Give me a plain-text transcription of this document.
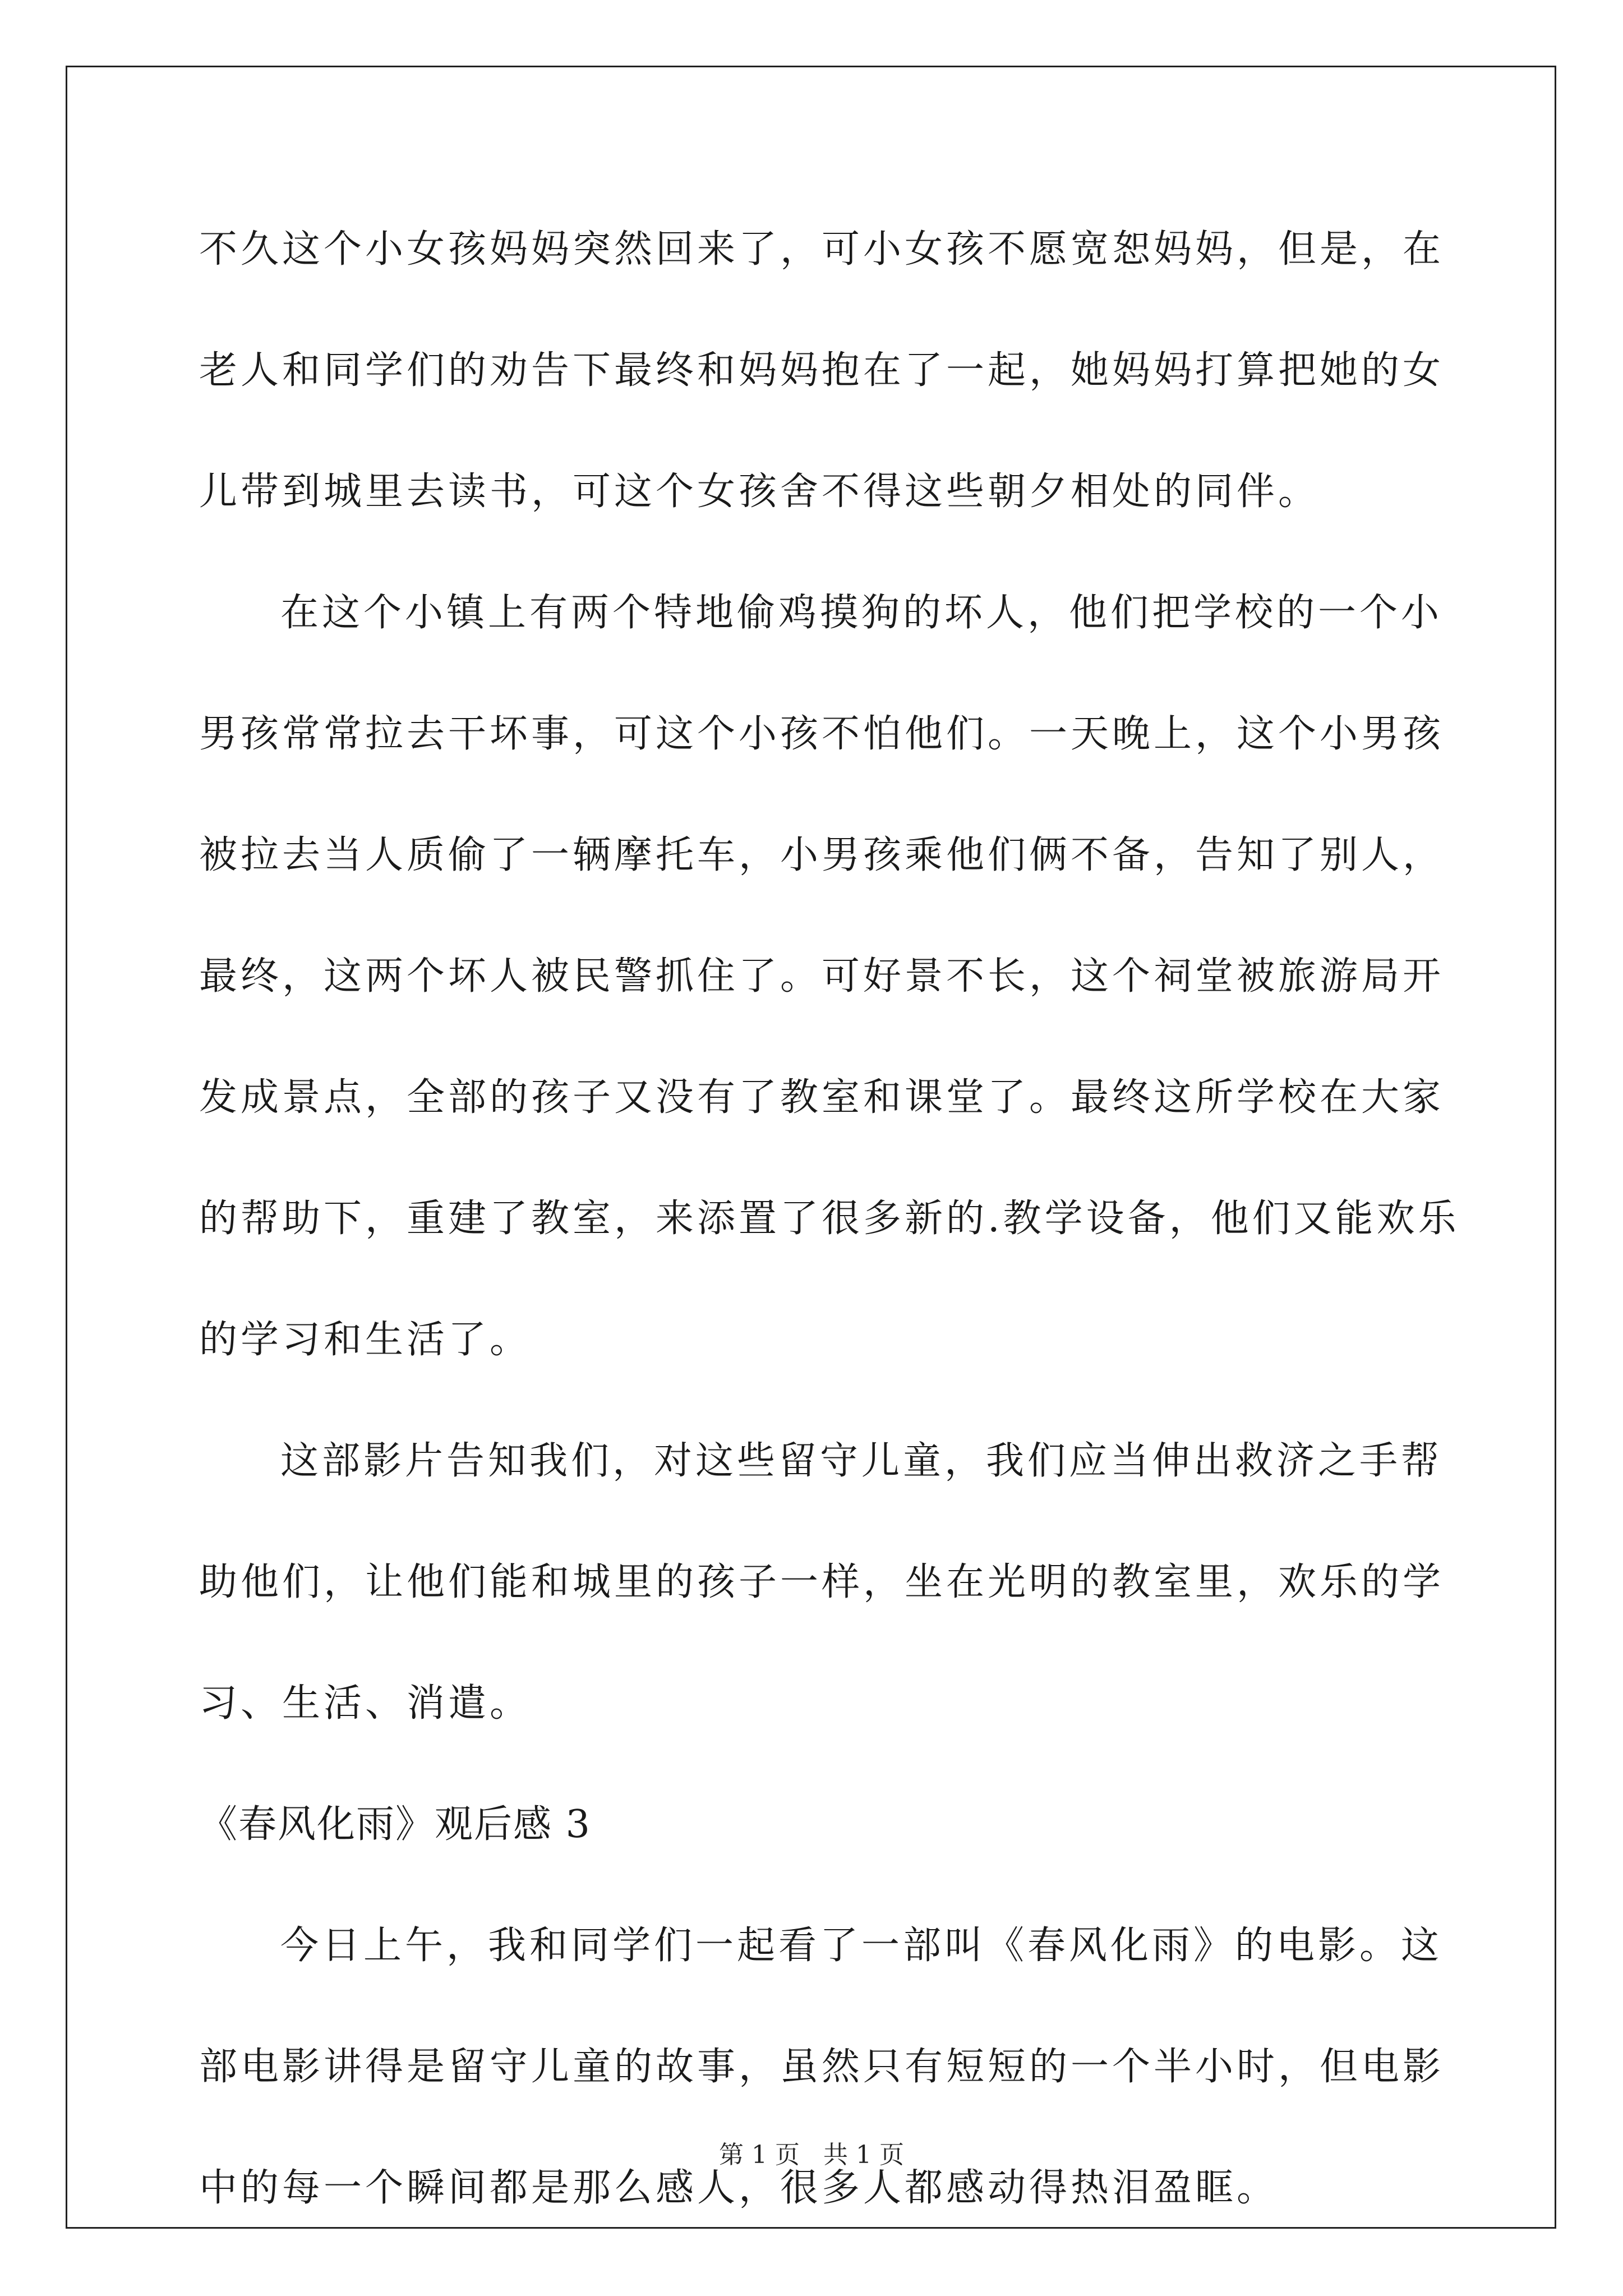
不久这个小女孩妈妈突然回来了，可小女孩不愿宽恕妈妈，但是，在
老人和同学们的劝告下最终和妈妈抱在了一起，她妈妈打算把她的女
儿带到城里去读书，可这个女孩舍不得这些朝夕相处的同伴。
在这个小镇上有两个特地偷鸡摸狗的坏人，他们把学校的一个小
男孩常常拉去干坏事，可这个小孩不怕他们。一天晚上，这个小男孩
被拉去当人质偷了一辆摩托车，小男孩乘他们俩不备，告知了别人，
最终，这两个坏人被民警抓住了。可好景不长，这个祠堂被旅游局开
发成景点，全部的孩子又没有了教室和课堂了。最终这所学校在大家
的帮助下，重建了教室，来添置了很多新的.教学设备，他们又能欢乐
的学习和生活了。
这部影片告知我们，对这些留守儿童，我们应当伸出救济之手帮
助他们，让他们能和城里的孩子一样，坐在光明的教室里，欢乐的学
习、生活、消遣。
《春风化雨》观后感 3
今日上午，我和同学们一起看了一部叫《春风化雨》的电影。这
部电影讲得是留守儿童的故事，虽然只有短短的一个半小时，但电影
中的每一个瞬间都是那么感人，很多人都感动得热泪盈眶。
第 1 页 共 1 页
